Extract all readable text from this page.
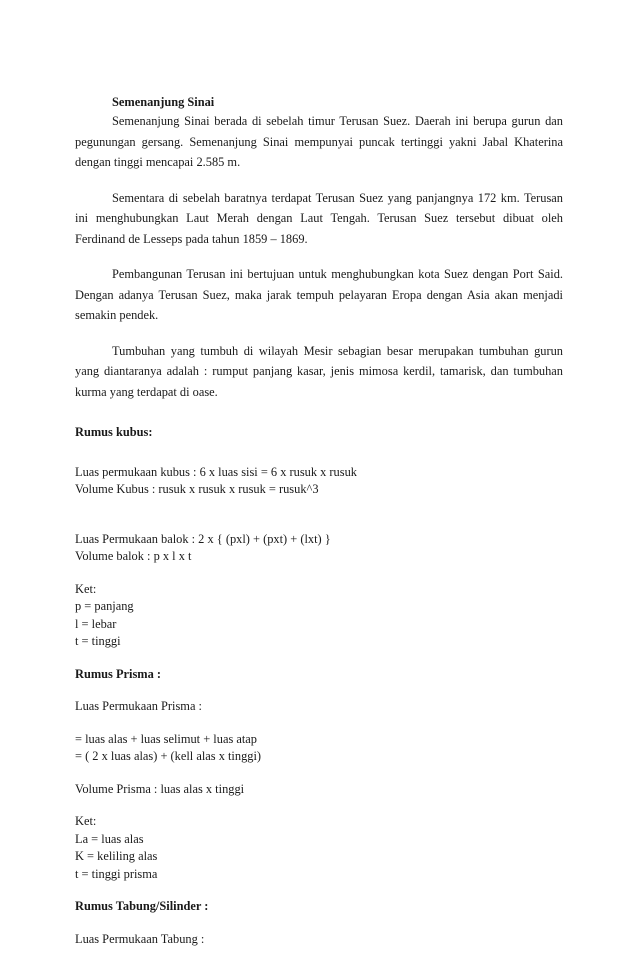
Semenanjung Sinai

Semenanjung Sinai berada di sebelah timur Terusan Suez. Daerah ini berupa gurun dan pegunungan gersang. Semenanjung Sinai mempunyai puncak tertinggi yakni Jabal Khaterina dengan tinggi mencapai 2.585 m.

Sementara di sebelah baratnya terdapat Terusan Suez yang panjangnya 172 km. Terusan ini menghubungkan Laut Merah dengan Laut Tengah. Terusan Suez tersebut dibuat oleh Ferdinand de Lesseps pada tahun 1859 – 1869.

Pembangunan Terusan ini bertujuan untuk menghubungkan kota Suez dengan Port Said. Dengan adanya Terusan Suez, maka jarak tempuh pelayaran Eropa dengan Asia akan menjadi semakin pendek.

Tumbuhan yang tumbuh di wilayah Mesir sebagian besar merupakan tumbuhan gurun yang diantaranya adalah : rumput panjang kasar, jenis mimosa kerdil, tamarisk, dan tumbuhan kurma yang terdapat di oase.

Rumus kubus:

Luas permukaan kubus : 6 x luas sisi = 6 x rusuk x rusuk

Volume Kubus : rusuk x rusuk x rusuk = rusuk^3

Luas Permukaan balok : 2 x { (pxl) + (pxt) + (lxt) }

Volume balok : p x l x t

Ket:

p = panjang

l = lebar

t = tinggi

Rumus Prisma :

Luas Permukaan Prisma :

= luas alas + luas selimut + luas atap

= ( 2 x luas alas) + (kell alas x tinggi)

Volume Prisma : luas alas x tinggi

Ket:

La = luas alas

K = keliling alas

t = tinggi prisma

Rumus Tabung/Silinder :

Luas Permukaan Tabung :
